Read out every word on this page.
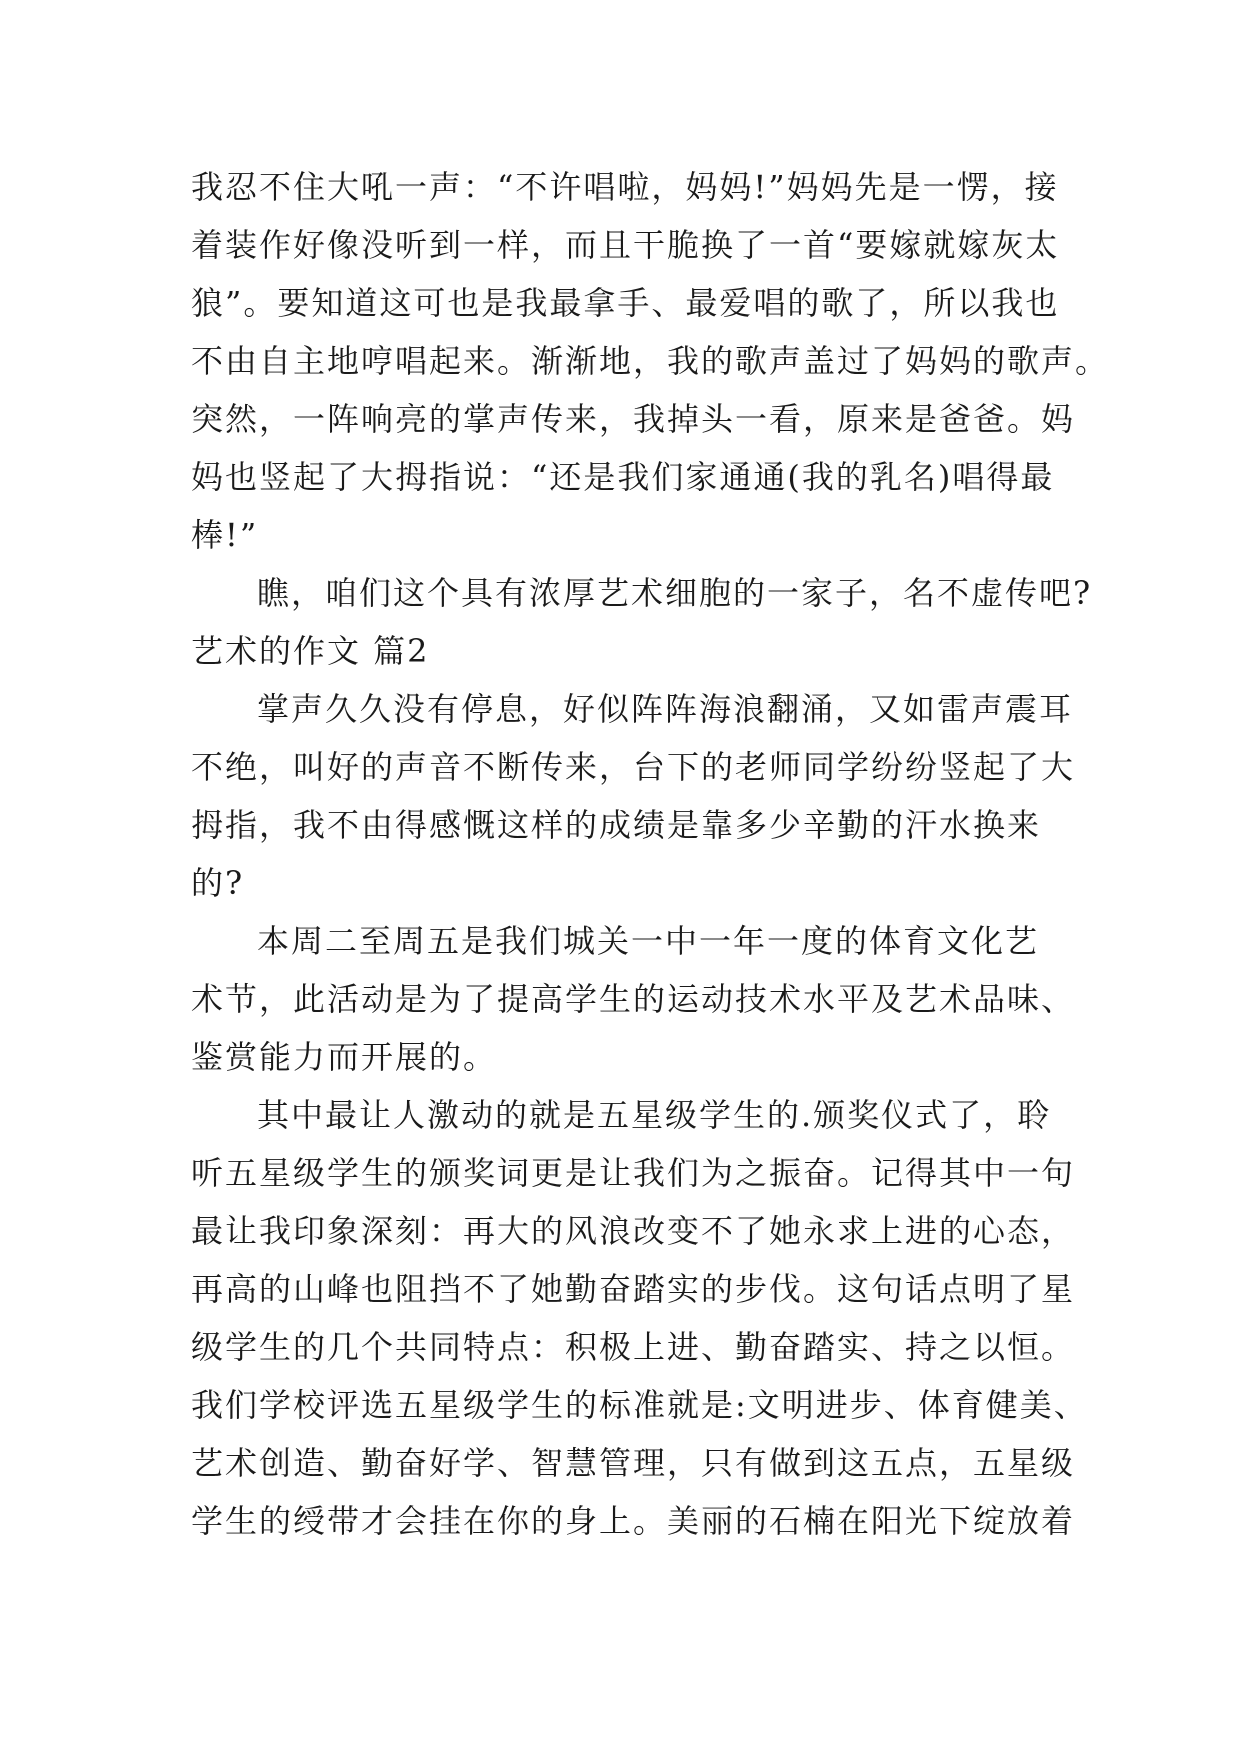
我忍不住大吼一声：“不许唱啦，妈妈!”妈妈先是一愣，接
着装作好像没听到一样，而且干脆换了一首“要嫁就嫁灰太
狼”。要知道这可也是我最拿手、最爱唱的歌了，所以我也
不由自主地哼唱起来。渐渐地，我的歌声盖过了妈妈的歌声。
突然，一阵响亮的掌声传来，我掉头一看，原来是爸爸。妈
妈也竖起了大拇指说：“还是我们家通通(我的乳名)唱得最
棒!”
瞧，咱们这个具有浓厚艺术细胞的一家子，名不虚传吧?
艺术的作文 篇2
掌声久久没有停息，好似阵阵海浪翻涌，又如雷声震耳
不绝，叫好的声音不断传来，台下的老师同学纷纷竖起了大
拇指，我不由得感慨这样的成绩是靠多少辛勤的汗水换来
的?
本周二至周五是我们城关一中一年一度的体育文化艺
术节，此活动是为了提高学生的运动技术水平及艺术品味、
鉴赏能力而开展的。
其中最让人激动的就是五星级学生的.颁奖仪式了，聆
听五星级学生的颁奖词更是让我们为之振奋。记得其中一句
最让我印象深刻：再大的风浪改变不了她永求上进的心态，
再高的山峰也阻挡不了她勤奋踏实的步伐。这句话点明了星
级学生的几个共同特点：积极上进、勤奋踏实、持之以恒。
我们学校评选五星级学生的标准就是:文明进步、体育健美、
艺术创造、勤奋好学、智慧管理，只有做到这五点，五星级
学生的绶带才会挂在你的身上。美丽的石楠在阳光下绽放着
